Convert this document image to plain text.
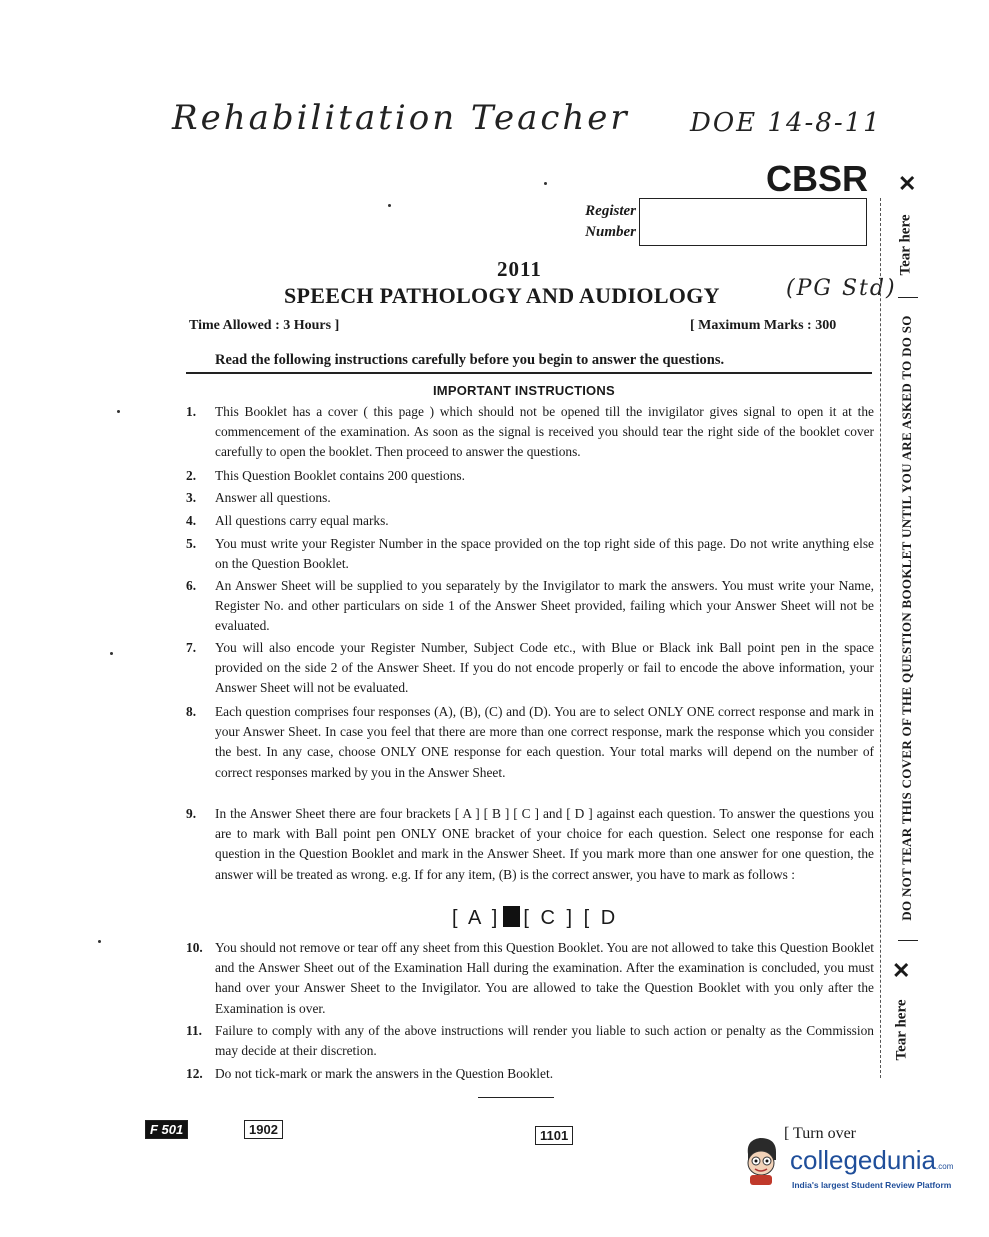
Rehabilitation Teacher DOE 14-8-11
(PG Std)
CBSR
Register
Number
2011
SPEECH PATHOLOGY AND AUDIOLOGY
Time Allowed : 3 Hours ]	[ Maximum Marks : 300
Read the following instructions carefully before you begin to answer the questions.
IMPORTANT INSTRUCTIONS
1.	This Booklet has a cover ( this page ) which should not be opened till the invigilator gives signal to open it at the commencement of the examination. As soon as the signal is received you should tear the right side of the booklet cover carefully to open the booklet. Then proceed to answer the questions.
2.	This Question Booklet contains 200 questions.
3.	Answer all questions.
4.	All questions carry equal marks.
5.	You must write your Register Number in the space provided on the top right side of this page. Do not write anything else on the Question Booklet.
6.	An Answer Sheet will be supplied to you separately by the Invigilator to mark the answers. You must write your Name, Register No. and other particulars on side 1 of the Answer Sheet provided, failing which your Answer Sheet will not be evaluated.
7.	You will also encode your Register Number, Subject Code etc., with Blue or Black ink Ball point pen in the space provided on the side 2 of the Answer Sheet. If you do not encode properly or fail to encode the above information, your Answer Sheet will not be evaluated.
8.	Each question comprises four responses (A), (B), (C) and (D). You are to select ONLY ONE correct response and mark in your Answer Sheet. In case you feel that there are more than one correct response, mark the response which you consider the best. In any case, choose ONLY ONE response for each question. Your total marks will depend on the number of correct responses marked by you in the Answer Sheet.
9.	In the Answer Sheet there are four brackets [ A ] [ B ] [ C ] and [ D ] against each question. To answer the questions you are to mark with Ball point pen ONLY ONE bracket of your choice for each question. Select one response for each question in the Question Booklet and mark in the Answer Sheet. If you mark more than one answer for one question, the answer will be treated as wrong. e.g. If for any item, (B) is the correct answer, you have to mark as follows :
[ A ] [ C ] [ D
10. You should not remove or tear off any sheet from this Question Booklet. You are not allowed to take this Question Booklet and the Answer Sheet out of the Examination Hall during the examination. After the examination is concluded, you must hand over your Answer Sheet to the Invigilator. You are allowed to take the Question Booklet with you only after the Examination is over.
11. Failure to comply with any of the above instructions will render you liable to such action or penalty as the Commission may decide at their discretion.
12. Do not tick-mark or mark the answers in the Question Booklet.
✕
Tear here
DO NOT TEAR THIS COVER OF THE QUESTION BOOKLET UNTIL YOU ARE ASKED TO DO SO
✕
Tear here
F 501	1902	1101	[ Turn over
collegedunia.com
India's largest Student Review Platform
